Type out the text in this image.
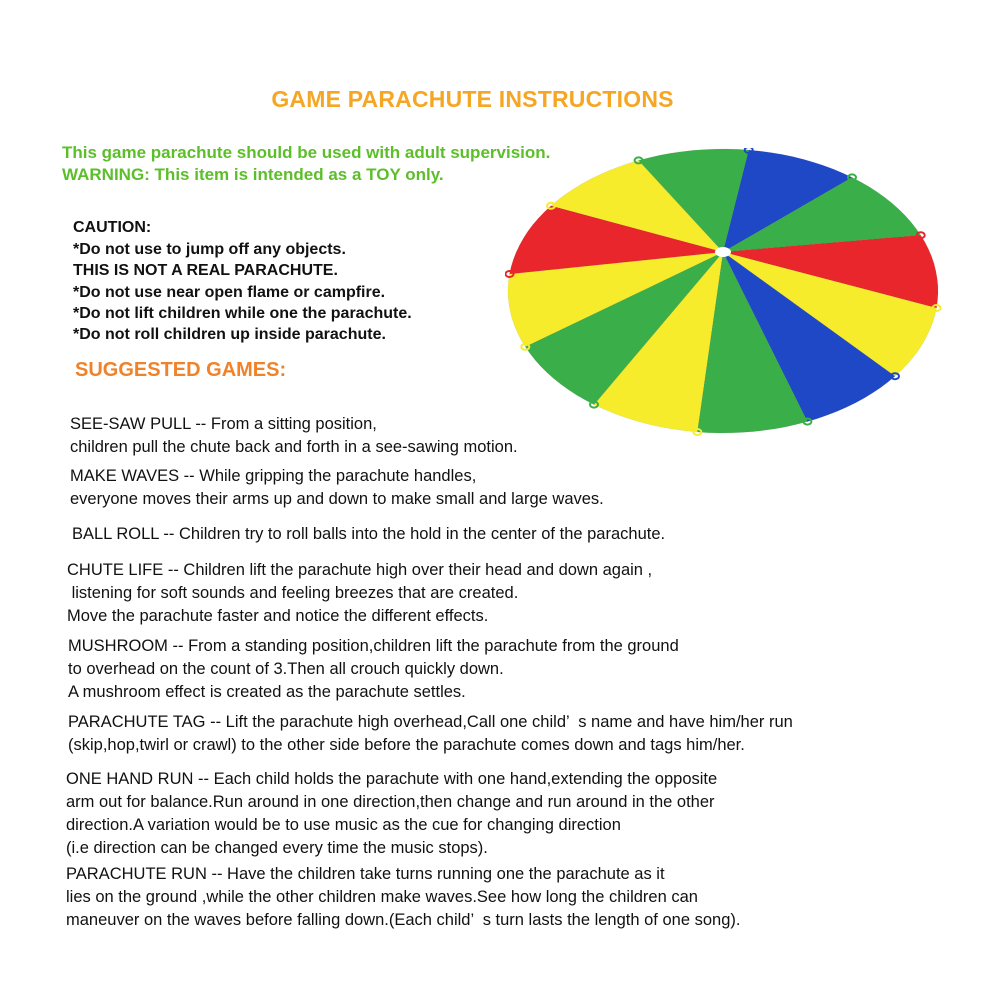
GAME PARACHUTE INSTRUCTIONS
This game parachute should be used with adult supervision.
WARNING: This item is intended as a TOY only.
CAUTION:
*Do not use to jump off any objects.
THIS IS NOT A REAL PARACHUTE.
*Do not use near open flame or campfire.
*Do not lift children while one the parachute.
*Do not roll children up inside parachute.
SUGGESTED GAMES:
SEE-SAW PULL -- From a sitting position,
children pull the chute back and forth in a see-sawing motion.
MAKE WAVES -- While gripping the parachute handles,
everyone moves their arms up and down to make small and large waves.
BALL ROLL -- Children try to roll balls into the hold in the center of the parachute.
CHUTE LIFE -- Children lift the parachute high over their head and down again ,
listening for soft sounds and feeling breezes that are created.
Move the parachute faster and notice the different effects.
MUSHROOM -- From a standing position,children lift the parachute from the ground
to overhead on the count of 3.Then all crouch quickly down.
A mushroom effect is created as the parachute settles.
PARACHUTE TAG -- Lift the parachute high overhead,Call one child’  s name and have him/her run
(skip,hop,twirl or crawl) to the other side before the parachute comes down and tags him/her.
ONE HAND RUN -- Each child holds the parachute with one hand,extending the opposite
arm out for balance.Run around in one direction,then change and run around in the other
direction.A variation would be to use music as the cue for changing direction
(i.e direction can be changed every time the music stops).
PARACHUTE RUN -- Have the children take turns running one the parachute as it
lies on the ground ,while the other children make waves.See how long the children can
maneuver on the waves before falling down.(Each child’  s turn lasts the length of one song).
